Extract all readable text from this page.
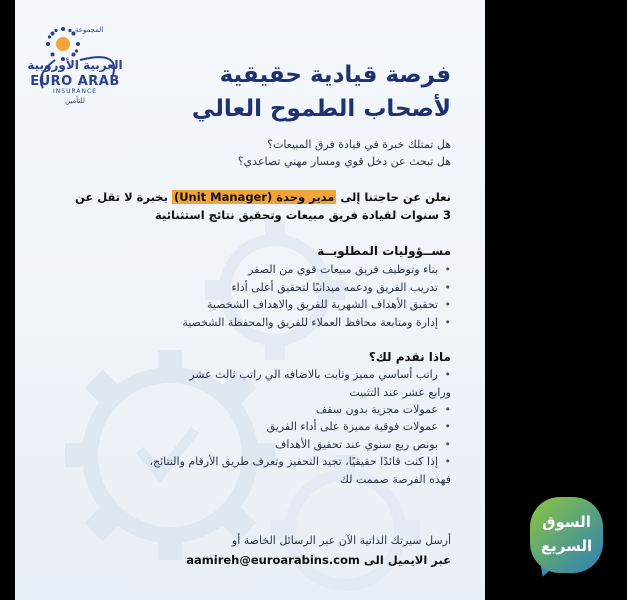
المجموعة
العربية الأوروبية
EURO ARAB
INSURANCE
للتأمين
فرصة قيادية حقيقية
لأصحاب الطموح العالي
هل تمتلك خبرة في قيادة فرق المبيعات؟
هل تبحث عن دخل قوي ومسار مهني تصاعدي؟
نعلن عن حاجتنا إلى مدير وحدة (Unit Manager) بخبرة لا تقل عن
3 سنوات لقيادة فريق مبيعات وتحقيق نتائج استثنائية
مســؤوليات المطلوبــة
•
بناء وتوظيف فريق مبيعات قوي من الصفر
•
تدريب الفريق ودعمه ميدانيًا لتحقيق أعلى أداء
•
تحقيق الأهداف الشهرية للفريق والاهداف الشخصية
•
إدارة ومتابعة محافظ العملاء للفريق والمحفظة الشخصية
ماذا نقدم لك؟
•
راتب أساسي مميز وثابت بالاضافه الي راتب ثالث عشر
ورابع عشر عند التثبيت
•
عمولات مجزية بدون سقف
•
عمولات فوقية مميزة على أداء الفريق
•
بونص ربع سنوي عند تحقيق الأهداف
•
إذا كنت قائدًا حقيقيًا، تجيد التحفيز وتعرف طريق الأرقام والنتائج،
فهذه الفرصة صممت لك
أرسل سيرتك الذاتية الآن عبر الرسائل الخاصة أو
عبر الايميل الى aamireh@euroarabins.com
السوق
السريع
